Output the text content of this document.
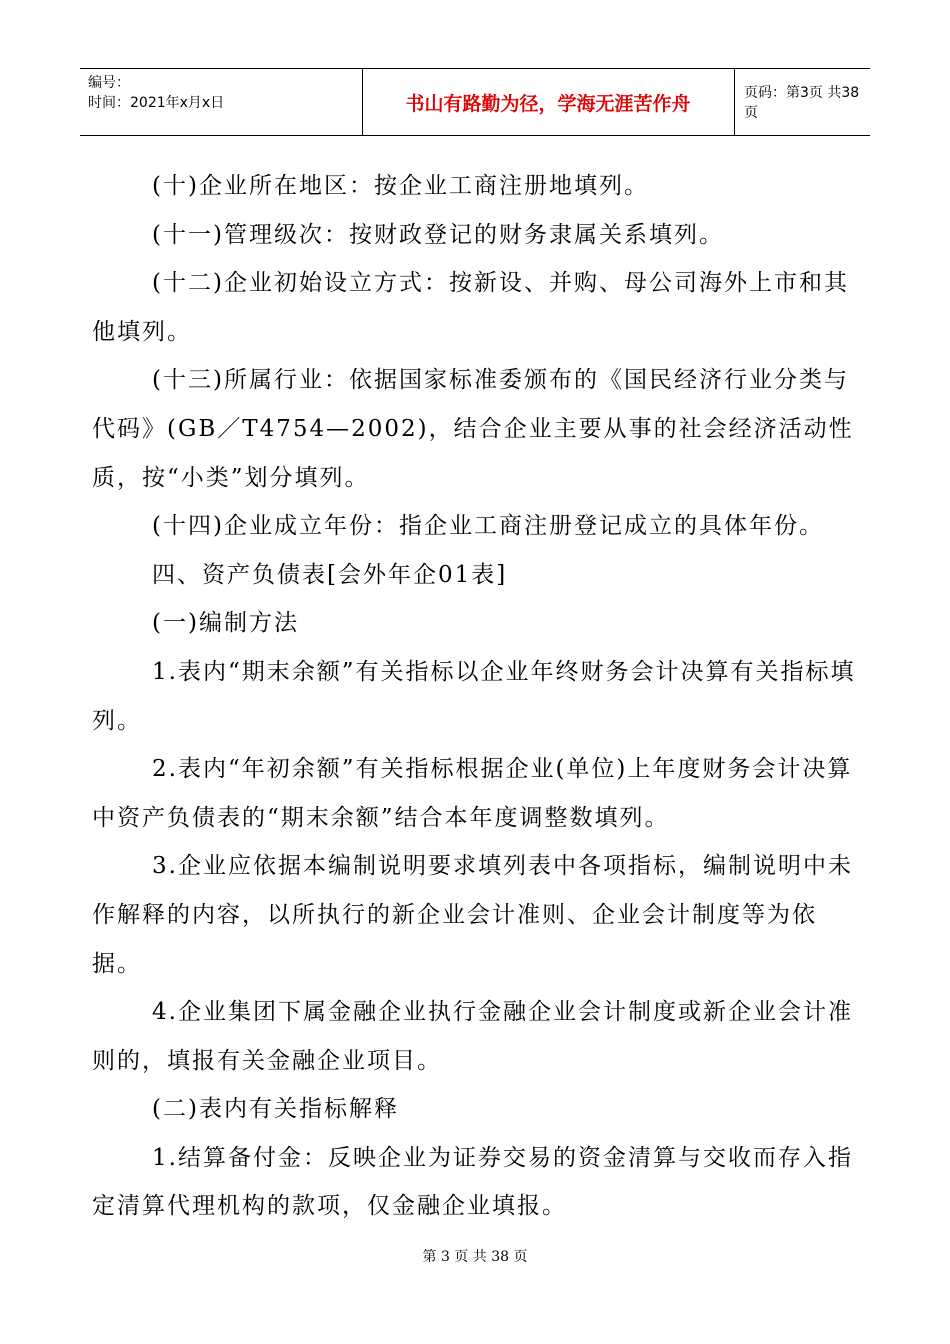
编号：
时间：2021年x月x日	书山有路勤为径，学海无涯苦作舟	页码：第3页 共38页

(十)企业所在地区：按企业工商注册地填列。

(十一)管理级次：按财政登记的财务隶属关系填列。

(十二)企业初始设立方式：按新设、并购、母公司海外上市和其他填列。

(十三)所属行业：依据国家标准委颁布的《国民经济行业分类与代码》(GB／T4754—2002)，结合企业主要从事的社会经济活动性质，按“小类”划分填列。

(十四)企业成立年份：指企业工商注册登记成立的具体年份。

四、资产负债表[会外年企01表]

(一)编制方法

1.表内“期末余额”有关指标以企业年终财务会计决算有关指标填列。

2.表内“年初余额”有关指标根据企业(单位)上年度财务会计决算中资产负债表的“期末余额”结合本年度调整数填列。

3.企业应依据本编制说明要求填列表中各项指标，编制说明中未作解释的内容，以所执行的新企业会计准则、企业会计制度等为依据。

4.企业集团下属金融企业执行金融企业会计制度或新企业会计准则的，填报有关金融企业项目。

(二)表内有关指标解释

1.结算备付金：反映企业为证券交易的资金清算与交收而存入指定清算代理机构的款项，仅金融企业填报。

第 3 页 共 38 页
